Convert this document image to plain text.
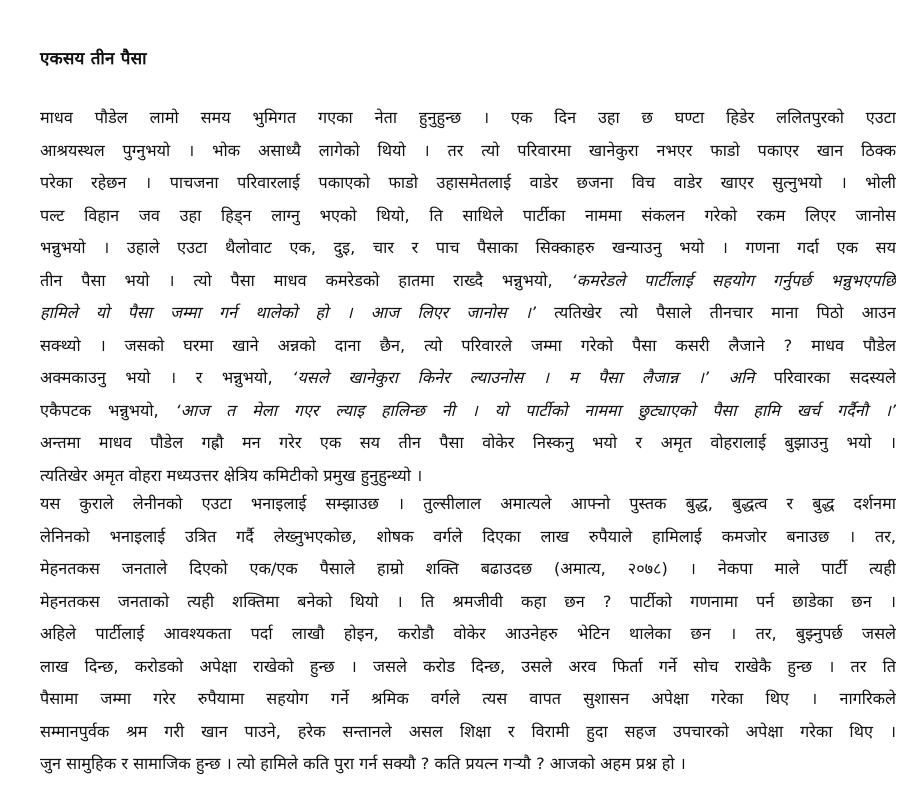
एकसय तीन पैसा
माधव पौडेल लामो समय भुमिगत गएका नेता हुनुहुन्छ । एक दिन उहा छ घण्टा हिडेर ललितपुरको एउटा
आश्रयस्थल पुग्नुभयो । भोक असाध्यै लागेको थियो । तर त्यो परिवारमा खानेकुरा नभएर फाडो पकाएर खान ठिक्क
परेका रहेछन । पाचजना परिवारलाई पकाएको फाडो उहासमेतलाई वाडेर छजना विच वाडेर खाएर सुत्नुभयो । भोली
पल्ट विहान जव उहा हिड्न लाग्नु भएको थियो, ति साथिले पार्टीका नाममा संकलन गरेको रकम लिएर जानोस
भन्नुभयो । उहाले एउटा थैलोवाट एक, दुइ, चार र पाच पैसाका सिक्काहरु खन्याउनु भयो । गणना गर्दा एक सय
तीन पैसा भयो । त्यो पैसा माधव कमरेडको हातमा राख्दै भन्नुभयो, ‘कमरेडले पार्टीलाई सहयोग गर्नुपर्छ भन्नुभएपछि
हामिले यो पैसा जम्मा गर्न थालेको हो । आज लिएर जानोस ।’ त्यतिखेर त्यो पैसाले तीनचार माना पिठो आउन
सक्थ्यो । जसको घरमा खाने अन्नको दाना छैन, त्यो परिवारले जम्मा गरेको पैसा कसरी लैजाने ? माधव पौडेल
अक्मकाउनु भयो । र भन्नुभयो, ‘यसले खानेकुरा किनेर ल्याउनोस । म पैसा लैजान्न ।’ अनि परिवारका सदस्यले
एकैपटक भन्नुभयो, ‘आज त मेला गएर ल्याइ हालिन्छ नी । यो पार्टीको नाममा छुट्याएको पैसा हामि खर्च गर्दैनौ ।’
अन्तमा माधव पौडेल गह्रौ मन गरेर एक सय तीन पैसा वोकेर निस्कनु भयो र अमृत वोहरालाई बुझाउनु भयो ।
त्यतिखेर अमृत वोहरा मध्यउत्तर क्षेत्रिय कमिटीको प्रमुख हुनुहुन्थ्यो ।
यस कुराले लेनीनको एउटा भनाइलाई सम्झाउछ । तुल्सीलाल अमात्यले आफ्नो पुस्तक बुद्ध, बुद्धत्व र बुद्ध दर्शनमा
लेनिनको भनाइलाई उत्रित गर्दै लेख्नुभएकोछ, शोषक वर्गले दिएका लाख रुपैयाले हामिलाई कमजोर बनाउछ । तर,
मेहनतकस जनताले दिएको एक/एक पैसाले हाम्रो शक्ति बढाउदछ (अमात्य, २०७८) । नेकपा माले पार्टी त्यही
मेहनतकस जनताको त्यही शक्तिमा बनेको थियो । ति श्रमजीवी कहा छन ? पार्टीको गणनामा पर्न छाडेका छन ।
अहिले पार्टीलाई आवश्यकता पर्दा लाखौ होइन, करोडौ वोकेर आउनेहरु भेटिन थालेका छन । तर, बुझ्नुपर्छ जसले
लाख दिन्छ, करोडको अपेक्षा राखेको हुन्छ । जसले करोड दिन्छ, उसले अरव फिर्ता गर्ने सोच राखेकै हुन्छ । तर ति
पैसामा जम्मा गरेर रुपैयामा सहयोग गर्ने श्रमिक वर्गले त्यस वापत सुशासन अपेक्षा गरेका थिए । नागरिकले
सम्मानपुर्वक श्रम गरी खान पाउने, हरेक सन्तानले असल शिक्षा र विरामी हुदा सहज उपचारको अपेक्षा गरेका थिए ।
जुन सामुहिक र सामाजिक हुन्छ । त्यो हामिले कति पुरा गर्न सक्यौ ? कति प्रयत्न गर्‍यौ ? आजको अहम प्रश्न हो ।
